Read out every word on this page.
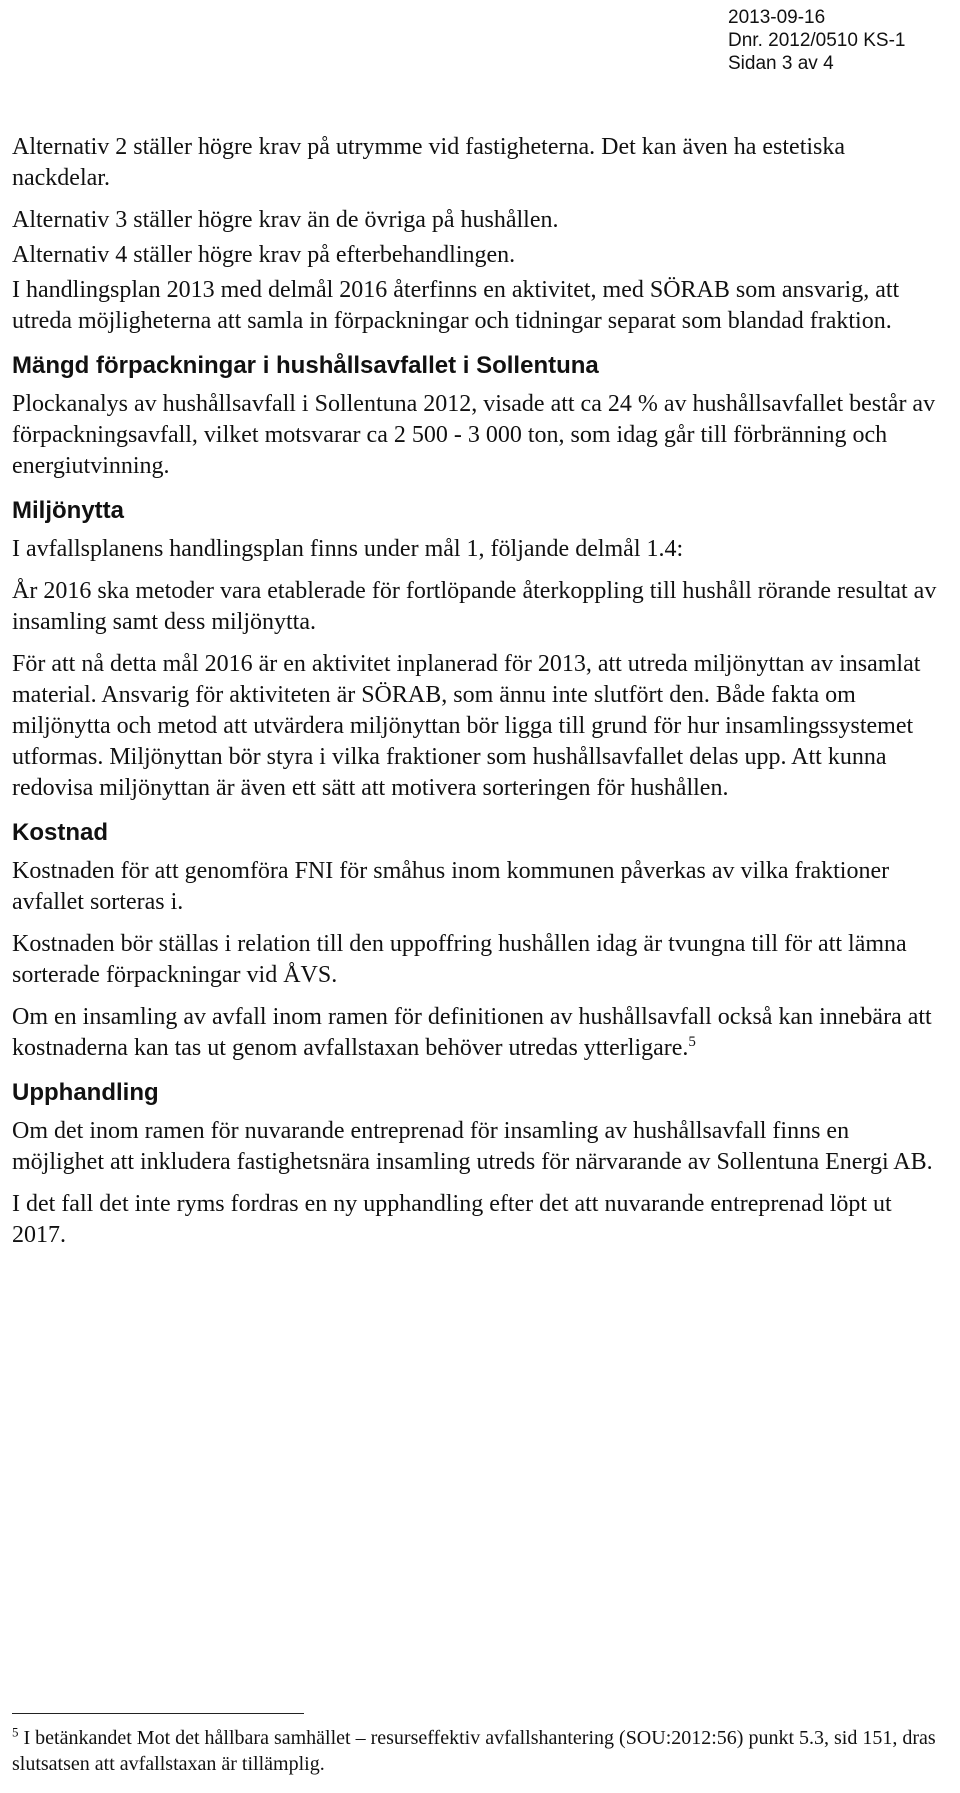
2013-09-16
Dnr. 2012/0510 KS-1
Sidan 3 av 4

Alternativ 2 ställer högre krav på utrymme vid fastigheterna. Det kan även ha estetiska nackdelar.

Alternativ 3 ställer högre krav än de övriga på hushållen.

Alternativ 4 ställer högre krav på efterbehandlingen.

I handlingsplan 2013 med delmål 2016 återfinns en aktivitet, med SÖRAB som ansvarig, att utreda möjligheterna att samla in förpackningar och tidningar separat som blandad fraktion.

Mängd förpackningar i hushållsavfallet i Sollentuna

Plockanalys av hushållsavfall i Sollentuna 2012, visade att ca 24 % av hushållsavfallet består av förpackningsavfall, vilket motsvarar ca 2 500 - 3 000 ton, som idag går till förbränning och energiutvinning.

Miljönytta

I avfallsplanens handlingsplan finns under mål 1, följande delmål 1.4:

År 2016 ska metoder vara etablerade för fortlöpande återkoppling till hushåll rörande resultat av insamling samt dess miljönytta.

För att nå detta mål 2016 är en aktivitet inplanerad för 2013, att utreda miljönyttan av insamlat material. Ansvarig för aktiviteten är SÖRAB, som ännu inte slutfört den. Både fakta om miljönytta och metod att utvärdera miljönyttan bör ligga till grund för hur insamlingssystemet utformas. Miljönyttan bör styra i vilka fraktioner som hushållsavfallet delas upp. Att kunna redovisa miljönyttan är även ett sätt att motivera sorteringen för hushållen.

Kostnad

Kostnaden för att genomföra FNI för småhus inom kommunen påverkas av vilka fraktioner avfallet sorteras i.

Kostnaden bör ställas i relation till den uppoffring hushållen idag är tvungna till för att lämna sorterade förpackningar vid ÅVS.

Om en insamling av avfall inom ramen för definitionen av hushållsavfall också kan innebära att kostnaderna kan tas ut genom avfallstaxan behöver utredas ytterligare.$^5$

Upphandling

Om det inom ramen för nuvarande entreprenad för insamling av hushållsavfall finns en möjlighet att inkludera fastighetsnära insamling utreds för närvarande av Sollentuna Energi AB.

I det fall det inte ryms fordras en ny upphandling efter det att nuvarande entreprenad löpt ut 2017.

$^5$ I betänkandet Mot det hållbara samhället – resurseffektiv avfallshantering (SOU:2012:56) punkt 5.3, sid 151, dras slutsatsen att avfallstaxan är tillämplig.
